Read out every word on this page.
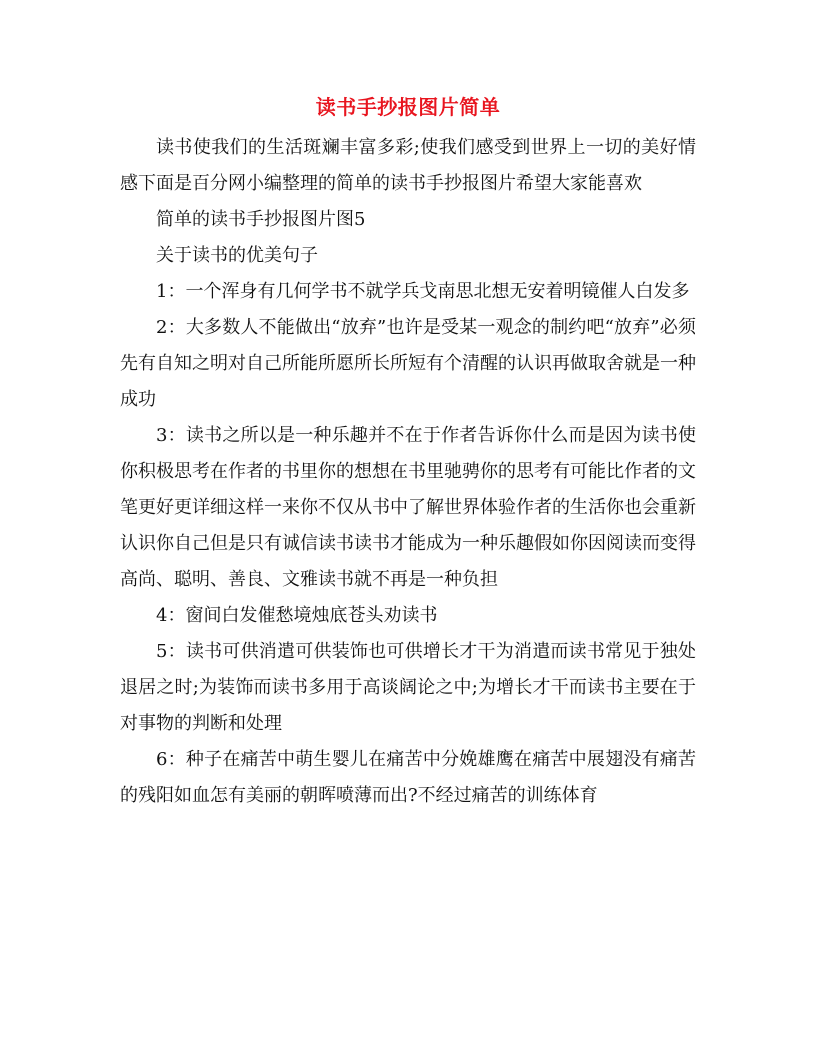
读书手抄报图片简单

读书使我们的生活斑斓丰富多彩;使我们感受到世界上一切的美好情感下面是百分网小编整理的简单的读书手抄报图片希望大家能喜欢

简单的读书手抄报图片图5

关于读书的优美句子

1：一个浑身有几何学书不就学兵戈南思北想无安着明镜催人白发多

2：大多数人不能做出“放弃”也许是受某一观念的制约吧“放弃”必须先有自知之明对自己所能所愿所长所短有个清醒的认识再做取舍就是一种成功

3：读书之所以是一种乐趣并不在于作者告诉你什么而是因为读书使你积极思考在作者的书里你的想想在书里驰骋你的思考有可能比作者的文笔更好更详细这样一来你不仅从书中了解世界体验作者的生活你也会重新认识你自己但是只有诚信读书读书才能成为一种乐趣假如你因阅读而变得高尚、聪明、善良、文雅读书就不再是一种负担

4：窗间白发催愁境烛底苍头劝读书

5：读书可供消遣可供装饰也可供增长才干为消遣而读书常见于独处退居之时;为装饰而读书多用于高谈阔论之中;为增长才干而读书主要在于对事物的判断和处理

6：种子在痛苦中萌生婴儿在痛苦中分娩雄鹰在痛苦中展翅没有痛苦的残阳如血怎有美丽的朝晖喷薄而出?不经过痛苦的训练体育
